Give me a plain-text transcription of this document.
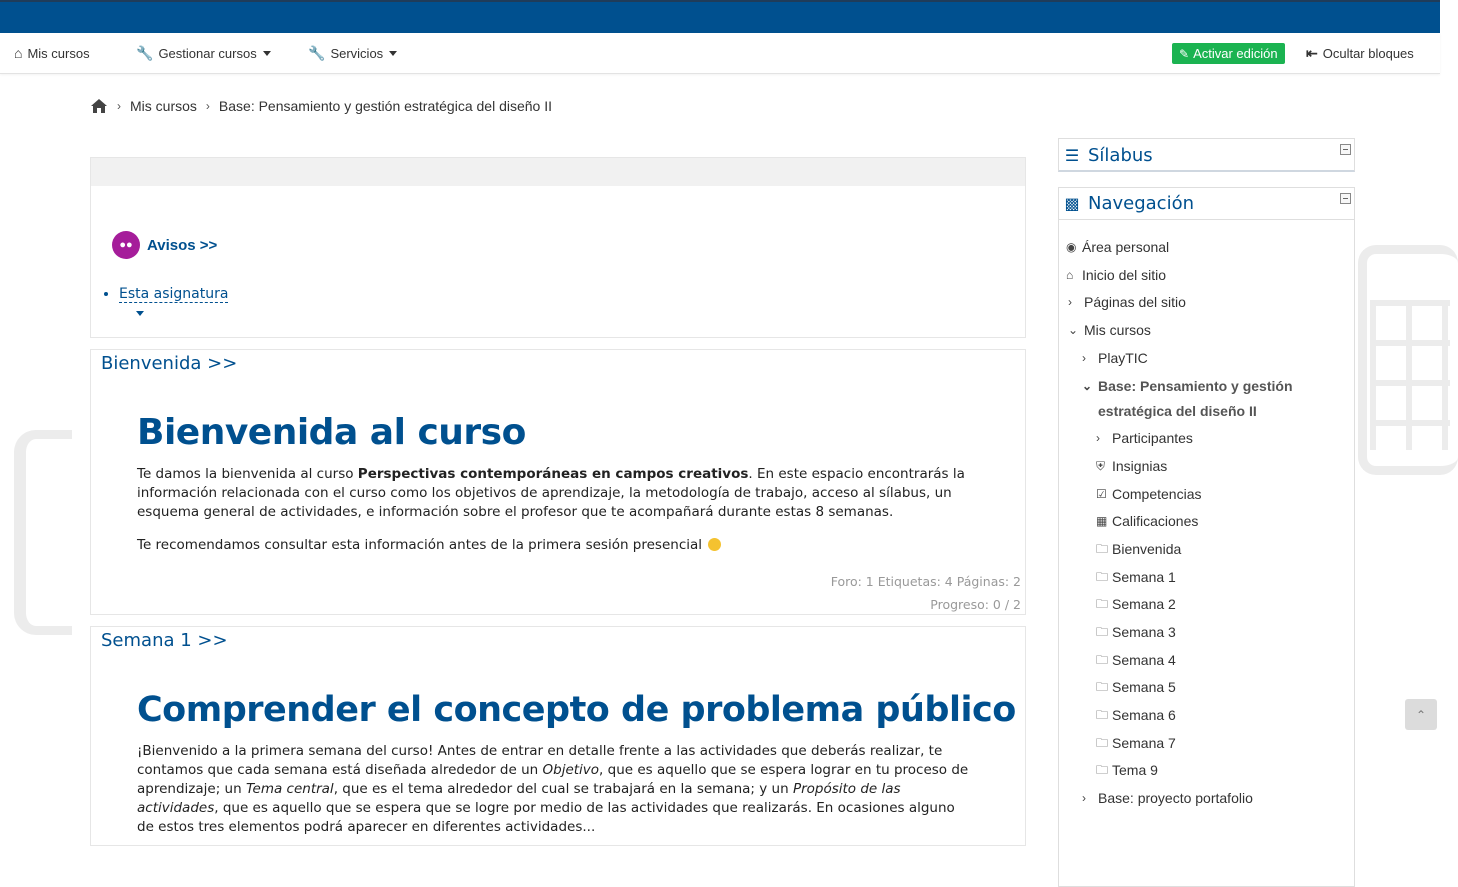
⌂ Mis cursos	🔧 Gestionar cursos	🔧 Servicios	✎ Activar edición ⇤ Ocultar bloques
› Mis cursos › Base: Pensamiento y gestión estratégica del diseño II
●● Avisos >>
• Esta asignatura
Bienvenida >>
Bienvenida al curso
Te damos la bienvenida al curso Perspectivas contemporáneas en campos creativos. En este espacio encontrarás la información relacionada con el curso como los objetivos de aprendizaje, la metodología de trabajo, acceso al sílabus, un esquema general de actividades, e información sobre el profesor que te acompañará durante estas 8 semanas.
Te recomendamos consultar esta información antes de la primera sesión presencial
Foro: 1 Etiquetas: 4 Páginas: 2
Progreso: 0 / 2
Semana 1 >>
Comprender el concepto de problema público
¡Bienvenido a la primera semana del curso! Antes de entrar en detalle frente a las actividades que deberás realizar, te contamos que cada semana está diseñada alrededor de un Objetivo, que es aquello que se espera lograr en tu proceso de aprendizaje; un Tema central, que es el tema alrededor del cual se trabajará en la semana; y un Propósito de las actividades, que es aquello que se espera que se logre por medio de las actividades que realizarás. En ocasiones alguno de estos tres elementos podrá aparecer en diferentes actividades...
☰ Sílabus
▩ Navegación
◉ Área personal
⌂ Inicio del sitio
› Páginas del sitio
⌄ Mis cursos
› PlayTIC
⌄ Base: Pensamiento y gestión estratégica del diseño II
› Participantes
⛨ Insignias
☑ Competencias
▦ Calificaciones
🗀 Bienvenida
🗀 Semana 1
🗀 Semana 2
🗀 Semana 3
🗀 Semana 4
🗀 Semana 5
🗀 Semana 6
🗀 Semana 7
🗀 Tema 9
› Base: proyecto portafolio
⌃
